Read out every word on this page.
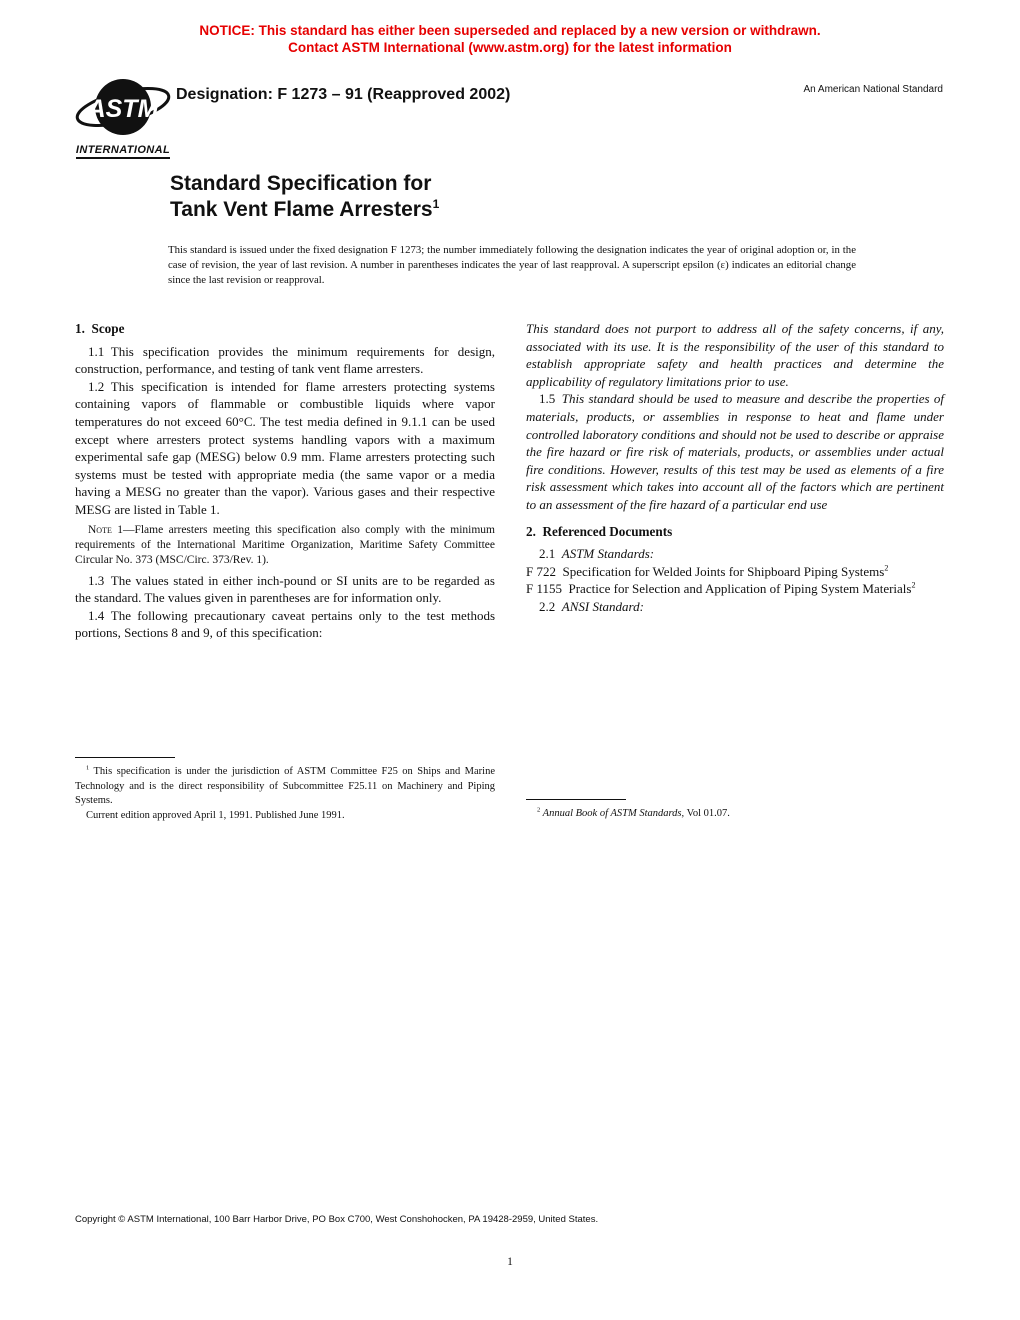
NOTICE: This standard has either been superseded and replaced by a new version or withdrawn.
Contact ASTM International (www.astm.org) for the latest information
ASTM
INTERNATIONAL
Designation: F 1273 – 91 (Reapproved 2002)	An American National Standard
Standard Specification for
Tank Vent Flame Arresters$^1$

This standard is issued under the fixed designation F 1273; the number immediately following the designation indicates the year of original adoption or, in the case of revision, the year of last revision. A number in parentheses indicates the year of last reapproval. A superscript epsilon (ε) indicates an editorial change since the last revision or reapproval.

1. Scope

1.1 This specification provides the minimum requirements for design, construction, performance, and testing of tank vent flame arresters.

1.2 This specification is intended for flame arresters protecting systems containing vapors of flammable or combustible liquids where vapor temperatures do not exceed 60°C. The test media defined in 9.1.1 can be used except where arresters protect systems handling vapors with a maximum experimental safe gap (MESG) below 0.9 mm. Flame arresters protecting such systems must be tested with appropriate media (the same vapor or a media having a MESG no greater than the vapor). Various gases and their respective MESG are listed in Table 1.

Note 1—Flame arresters meeting this specification also comply with the minimum requirements of the International Maritime Organization, Maritime Safety Committee Circular No. 373 (MSC/Circ. 373/Rev. 1).

1.3 The values stated in either inch-pound or SI units are to be regarded as the standard. The values given in parentheses are for information only.

1.4 The following precautionary caveat pertains only to the test methods portions, Sections 8 and 9, of this specification:

This standard does not purport to address all of the safety concerns, if any, associated with its use. It is the responsibility of the user of this standard to establish appropriate safety and health practices and determine the applicability of regulatory limitations prior to use.

1.5 This standard should be used to measure and describe the properties of materials, products, or assemblies in response to heat and flame under controlled laboratory conditions and should not be used to describe or appraise the fire hazard or fire risk of materials, products, or assemblies under actual fire conditions. However, results of this test may be used as elements of a fire risk assessment which takes into account all of the factors which are pertinent to an assessment of the fire hazard of a particular end use

2. Referenced Documents

2.1 ASTM Standards:

F 722 Specification for Welded Joints for Shipboard Piping Systems$^2$

F 1155 Practice for Selection and Application of Piping System Materials$^2$

2.2 ANSI Standard:

$^1$ This specification is under the jurisdiction of ASTM Committee F25 on Ships and Marine Technology and is the direct responsibility of Subcommittee F25.11 on Machinery and Piping Systems.

Current edition approved April 1, 1991. Published June 1991.	$^2$ Annual Book of ASTM Standards, Vol 01.07.

Copyright © ASTM International, 100 Barr Harbor Drive, PO Box C700, West Conshohocken, PA 19428-2959, United States.
1
